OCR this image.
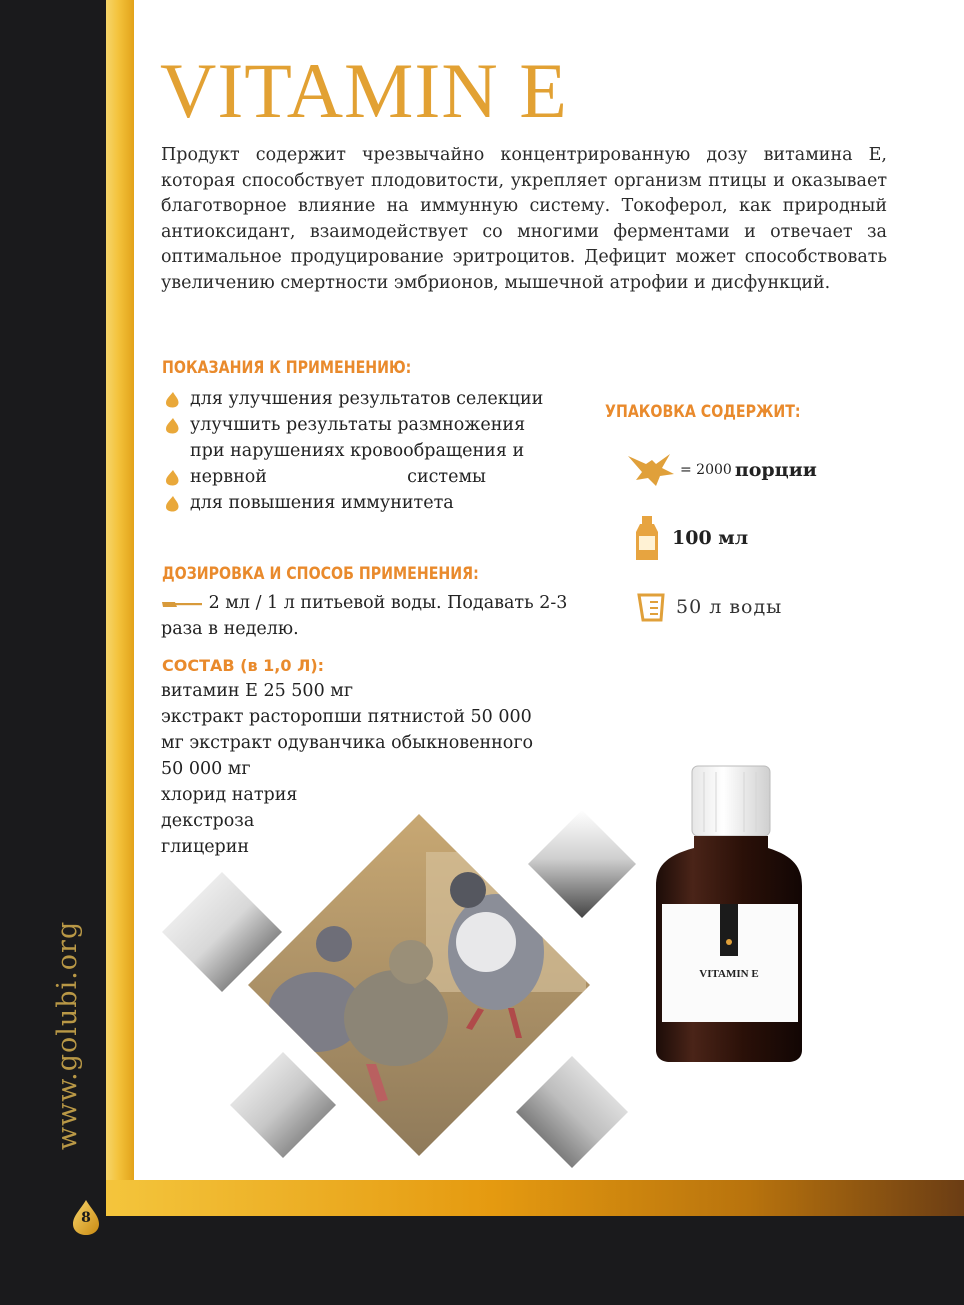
www.golubi.org
8
VITAMIN E
Продукт содержит чрезвычайно концентрированную дозу витамина Е, которая способствует плодовитости, укрепляет организм птицы и оказывает благотворное влияние на иммунную систему. Токоферол, как природный антиоксидант, взаимодействует со многими ферментами и отвечает за оптимальное продуцирование эритроцитов. Дефицит может способствовать увеличению смертности эмбрионов, мышечной атрофии и дисфункций.
ПОКАЗАНИЯ К ПРИМЕНЕНИЮ:
для улучшения результатов селекции
улучшить результаты размножения
при нарушениях кровообращения и
нервной	системы
для повышения иммунитета
ДОЗИРОВКА И СПОСОБ ПРИМЕНЕНИЯ:
2 мл / 1 л питьевой воды. Подавать 2-3
раза в неделю.
СОСТАВ (в 1,0 Л):
витамин Е 25 500 мг
экстракт расторопши пятнистой 50 000
мг экстракт одуванчика обыкновенного
50 000 мг
хлорид натрия
декстроза
глицерин
УПАКОВКА СОДЕРЖИТ:
= 2000 порции
100 мл
50 л воды
VITAMIN E
